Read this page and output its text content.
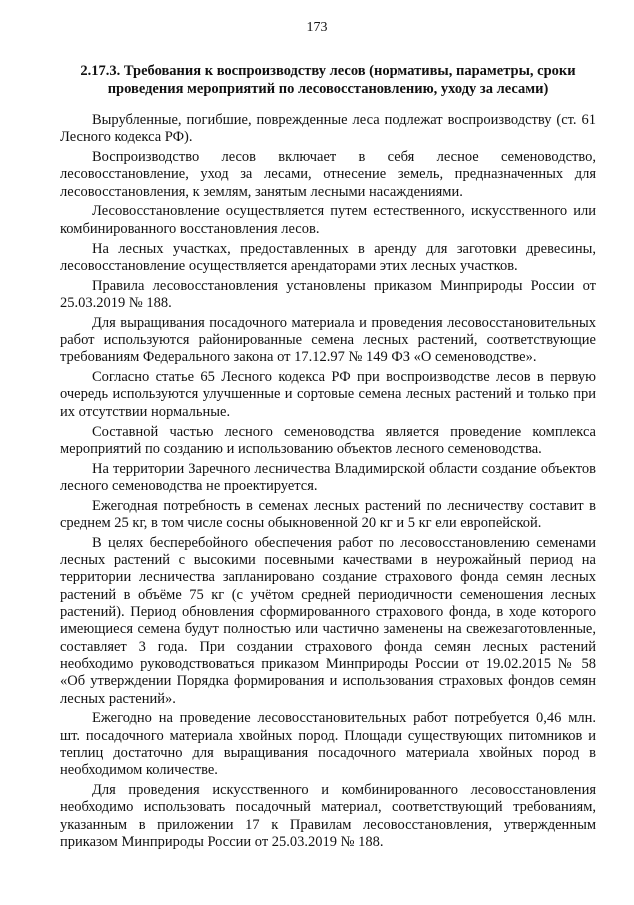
173
2.17.3. Требования к воспроизводству лесов (нормативы, параметры, сроки проведения мероприятий по лесовосстановлению, уходу за лесами)

Вырубленные, погибшие, поврежденные леса подлежат воспроизводству (ст. 61 Лесного кодекса РФ).

Воспроизводство лесов включает в себя лесное семеноводство, лесовосстановление, уход за лесами, отнесение земель, предназначенных для лесовосстановления, к землям, занятым лесными насаждениями.

Лесовосстановление осуществляется путем естественного, искусственного или комбинированного восстановления лесов.

На лесных участках, предоставленных в аренду для заготовки древесины, лесовосстановление осуществляется арендаторами этих лесных участков.

Правила лесовосстановления установлены приказом Минприроды России от 25.03.2019 № 188.

Для выращивания посадочного материала и проведения лесовосстановительных работ используются районированные семена лесных растений, соответствующие требованиям Федерального закона от 17.12.97 № 149 ФЗ «О семеноводстве».

Согласно статье 65 Лесного кодекса РФ при воспроизводстве лесов в первую очередь используются улучшенные и сортовые семена лесных растений и только при их отсутствии нормальные.

Составной частью лесного семеноводства является проведение комплекса мероприятий по созданию и использованию объектов лесного семеноводства.

На территории Заречного лесничества Владимирской области создание объектов лесного семеноводства не проектируется.

Ежегодная потребность в семенах лесных растений по лесничеству составит в среднем 25 кг, в том числе сосны обыкновенной 20 кг и 5 кг ели европейской.

В целях бесперебойного обеспечения работ по лесовосстановлению семенами лесных растений с высокими посевными качествами в неурожайный период на территории лесничества запланировано создание страхового фонда семян лесных растений в объёме 75 кг (с учётом средней периодичности семеношения лесных растений). Период обновления сформированного страхового фонда, в ходе которого имеющиеся семена будут полностью или частично заменены на свежезаготовленные, составляет 3 года. При создании страхового фонда семян лесных растений необходимо руководствоваться приказом Минприроды России от 19.02.2015 № 58 «Об утверждении Порядка формирования и использования страховых фондов семян лесных растений».

Ежегодно на проведение лесовосстановительных работ потребуется 0,46 млн. шт. посадочного материала хвойных пород. Площади существующих питомников и теплиц достаточно для выращивания посадочного материала хвойных пород в необходимом количестве.

Для проведения искусственного и комбинированного лесовосстановления необходимо использовать посадочный материал, соответствующий требованиям, указанным в приложении 17 к Правилам лесовосстановления, утвержденным приказом Минприроды России от 25.03.2019 № 188.
